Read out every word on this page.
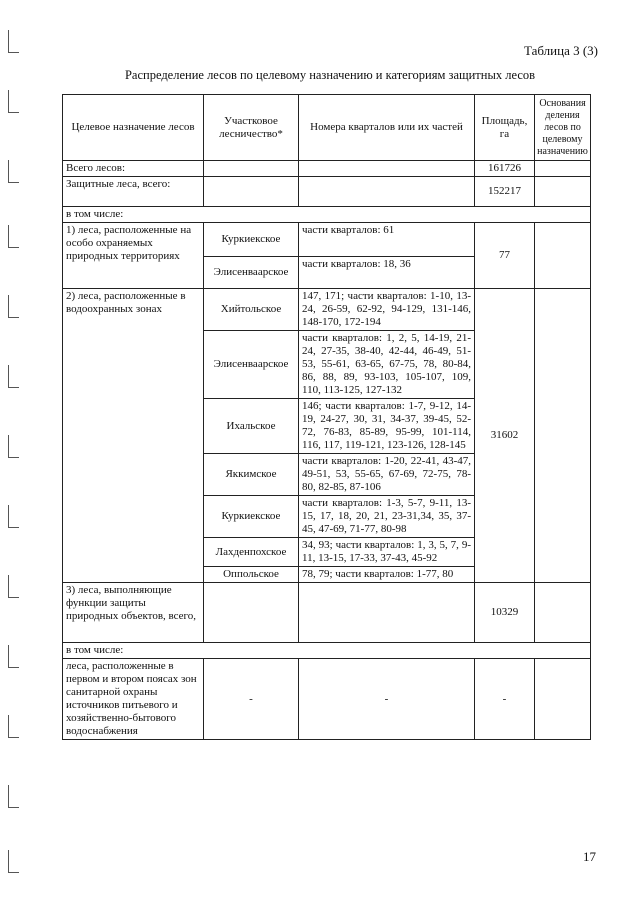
Таблица 3 (3)
Распределение лесов по целевому назначению и категориям защитных лесов
Целевое назначение лесов	Участковое лесничество*	Номера кварталов или их частей	Площадь, га	Основания деления лесов по целевому назначению
Всего лесов:			161726	
Защитные леса, всего:			152217	
в том числе:				
1) леса, расположенные на особо охраняемых природных территориях	Куркиекское	части кварталов: 61	77	
	Элисенваарское	части кварталов: 18, 36		
2) леса, расположенные в водоохранных зонах	Хийтольское	147, 171; части кварталов: 1-10, 13-24, 26-59, 62-92, 94-129, 131-146, 148-170, 172-194	31602	
	Элисенваарское	части кварталов: 1, 2, 5, 14-19, 21-24, 27-35, 38-40, 42-44, 46-49, 51-53, 55-61, 63-65, 67-75, 78, 80-84, 86, 88, 89, 93-103, 105-107, 109, 110, 113-125, 127-132		
	Ихальское	146; части кварталов: 1-7, 9-12, 14-19, 24-27, 30, 31, 34-37, 39-45, 52-72, 76-83, 85-89, 95-99, 101-114, 116, 117, 119-121, 123-126, 128-145		
	Яккимское	части кварталов: 1-20, 22-41, 43-47, 49-51, 53, 55-65, 67-69, 72-75, 78-80, 82-85, 87-106		
	Куркиекское	части кварталов: 1-3, 5-7, 9-11, 13-15, 17, 18, 20, 21, 23-31,34, 35, 37-45, 47-69, 71-77, 80-98		
	Лахденпохское	34, 93; части кварталов: 1, 3, 5, 7, 9-11, 13-15, 17-33, 37-43, 45-92		
	Оппольское	78, 79; части кварталов: 1-77, 80		
3) леса, выполняющие функции защиты природных объектов, всего,			10329	
в том числе:				
леса, расположенные в первом и втором поясах зон санитарной охраны источников питьевого и хозяйственно-бытового водоснабжения	-	-	-	
17
